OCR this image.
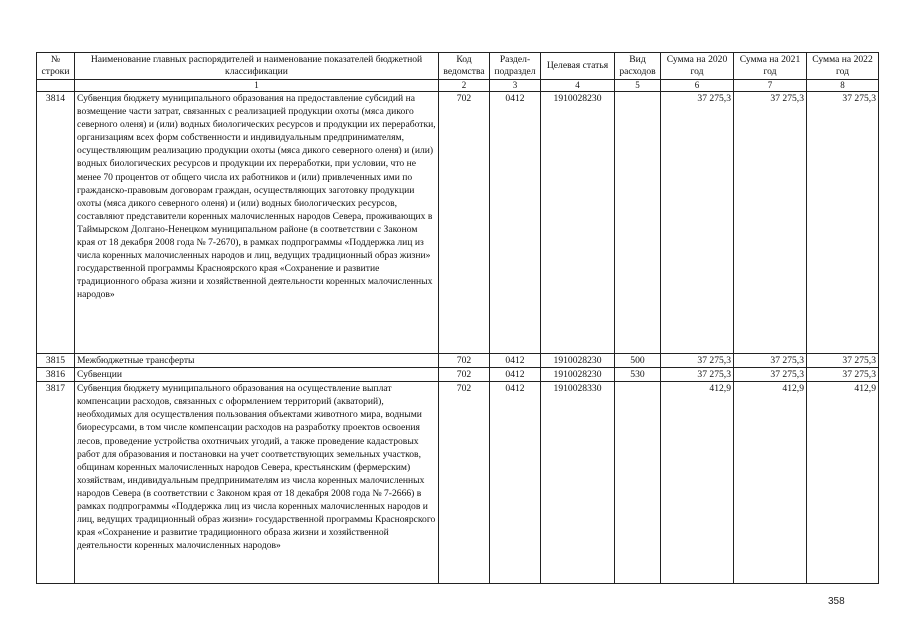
№ строки	Наименование главных распорядителей и наименование показателей бюджетной классификации	Код ведомства	Раздел-подраздел	Целевая статья	Вид расходов	Сумма на 2020 год	Сумма на 2021 год	Сумма на 2022 год
	1	2	3	4	5	6	7	8
3814	Субвенция бюджету муниципального образования на предоставление субсидий на возмещение части затрат, связанных с реализацией продукции охоты (мяса дикого северного оленя) и (или) водных биологических ресурсов и продукции их переработки, организациям всех форм собственности и индивидуальным предпринимателям, осуществляющим реализацию продукции охоты (мяса дикого северного оленя) и (или) водных биологических ресурсов и продукции их переработки, при условии, что не менее 70 процентов от общего числа их работников и (или) привлеченных ими по гражданско-правовым договорам граждан, осуществляющих заготовку продукции охоты (мяса дикого северного оленя) и (или) водных биологических ресурсов, составляют представители коренных малочисленных народов Севера, проживающих в Таймырском Долгано-Ненецком муниципальном районе (в соответствии с Законом края от 18 декабря 2008 года № 7-2670), в рамках подпрограммы «Поддержка лиц из числа коренных малочисленных народов и лиц, ведущих традиционный образ жизни» государственной программы Красноярского края «Сохранение и развитие традиционного образа жизни и хозяйственной деятельности коренных малочисленных народов»	702	0412	1910028230		37 275,3	37 275,3	37 275,3
3815	Межбюджетные трансферты	702	0412	1910028230	500	37 275,3	37 275,3	37 275,3
3816	Субвенции	702	0412	1910028230	530	37 275,3	37 275,3	37 275,3
3817	Субвенция бюджету муниципального образования на осуществление выплат компенсации расходов, связанных с оформлением территорий (акваторий), необходимых для осуществления пользования объектами животного мира, водными биоресурсами, в том числе компенсации расходов на разработку проектов освоения лесов, проведение устройства охотничьих угодий, а также проведение кадастровых работ для образования и постановки на учет соответствующих земельных участков, общинам коренных малочисленных народов Севера, крестьянским (фермерским) хозяйствам, индивидуальным предпринимателям из числа коренных малочисленных народов Севера (в соответствии с Законом края от 18 декабря 2008 года № 7-2666) в рамках подпрограммы «Поддержка лиц из числа коренных малочисленных народов и лиц, ведущих традиционный образ жизни» государственной программы Красноярского края «Сохранение и развитие традиционного образа жизни и хозяйственной деятельности коренных малочисленных народов»	702	0412	1910028330		412,9	412,9	412,9
358
